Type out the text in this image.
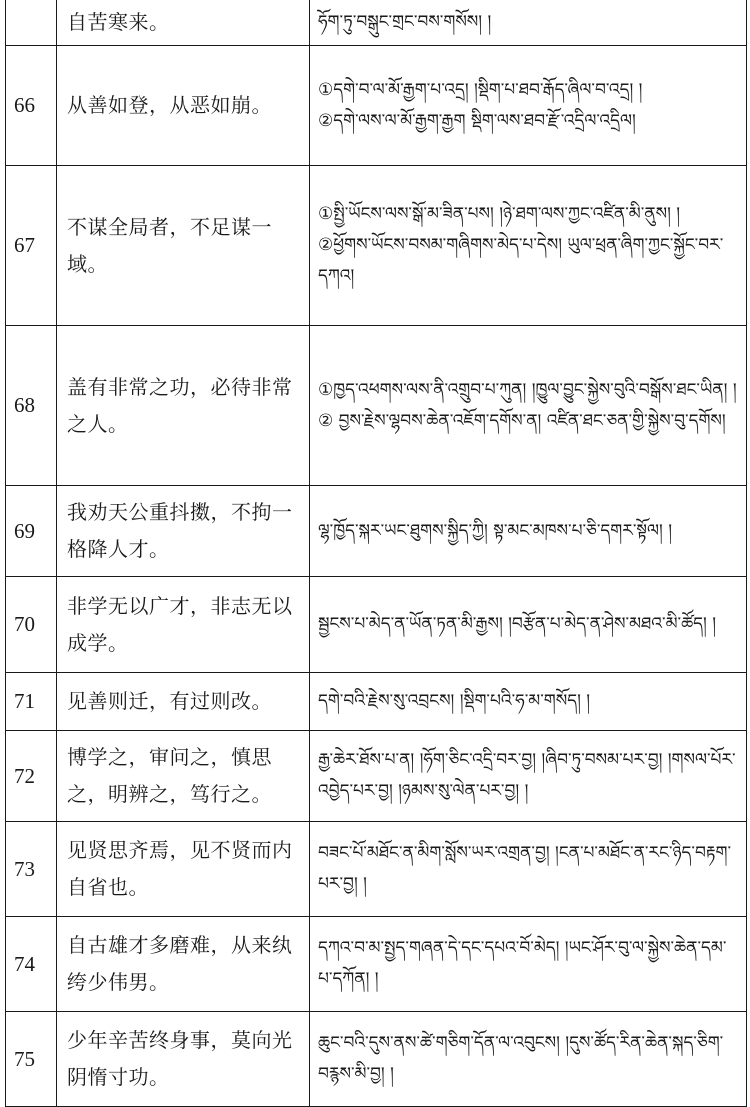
	自苦寒来。	ཧོག་ཏུ་བསྒུང་གྲང་བས་གསོས། །

66	从善如登，从恶如崩。	①དགེ་བ་ལ་མོ་རྒྱག་པ་འདྲ། །སྡིག་པ་ཐབ་རྒོད་ཞིལ་བ་འདྲ། །
②དགེ་ལས་ལ་མོ་རྒྱག་རྒྱག སྡིག་ལས་ཐབ་རྫོ་འདྲིལ་འདྲིལ།

67	不谋全局者，不足谋一域。	①སྤྱི་ཡོངས་ལས་སྒོ་མ་ཟིན་པས། །ཉེ་ཐག་ལས་ཀྱང་འཛིན་མི་ནུས། །
②ཕྱོགས་ཡོངས་བསམ་གཞིགས་མེད་པ་དེས། ཡུལ་ཕྲན་ཞིག་ཀྱང་སྐྱོང་བར་དཀའ།

68	盖有非常之功，必待非常之人。	①ཁྱད་འཕགས་ལས་ནི་འགྲུབ་པ་ཀུན། །ཁྱུལ་བྱུང་སྐྱེས་བུའི་བསྒོས་ཐང་ཡིན། །
② བྱས་རྗེས་ལྷབས་ཆེན་འཇོག་དགོས་ན། འཛིན་ཐང་ཅན་གྱི་སྐྱེས་བུ་དགོས།

69	我劝天公重抖擞，不拘一格降人才。	ལྷ་ཁྱོད་སྐར་ཡང་ཐུགས་སྐྱིད་ཀྱི། སྟ་མང་མཁས་པ་ཅི་དགར་སྟོལ། །

70	非学无以广才，非志无以成学。	སྦྱངས་པ་མེད་ན་ཡོན་ཏན་མི་རྒྱས། །བརྩོན་པ་མེད་ན་ཤེས་མཐའ་མི་ཚོད། །

71	见善则迁，有过则改。	དགེ་བའི་རྗེས་སུ་འབྲངས། །སྡིག་པའི་ཧ་མ་གསོད། །

72	博学之，审问之，慎思之，明辨之，笃行之。	རྒྱ་ཆེར་ཐོས་པ་ན། །ཧོག་ཅིང་འདྲི་བར་བྱ། །ཞིབ་ཏུ་བསམ་པར་བྱ། །གསལ་པོར་འབྱེད་པར་བྱ། །ཉམས་སུ་ལེན་པར་བྱ། །

73	见贤思齐焉，见不贤而内自省也。	བཟང་པོ་མཐོང་ན་མིག་སློས་ཡར་འགྲན་བྱ། །ངན་པ་མཐོང་ན་རང་ཉིད་བརྟག་པར་བྱ། །

74	自古雄才多磨难，从来纨绔少伟男。	དཀའ་བ་མ་སྤྱད་གཞན་དེ་དང་དཔའ་བོ་མེད། །ཡང་ཤོར་བུ་ལ་སྐྱེས་ཆེན་དམ་པ་དཀོན། །

75	少年辛苦终身事，莫向光阴惰寸功。	ཆུང་བའི་དུས་ནས་ཚེ་གཅིག་དོན་ལ་འབུངས། །དུས་ཚོད་རིན་ཆེན་སྐད་ཅིག་བརྙས་མི་བྱ། །
